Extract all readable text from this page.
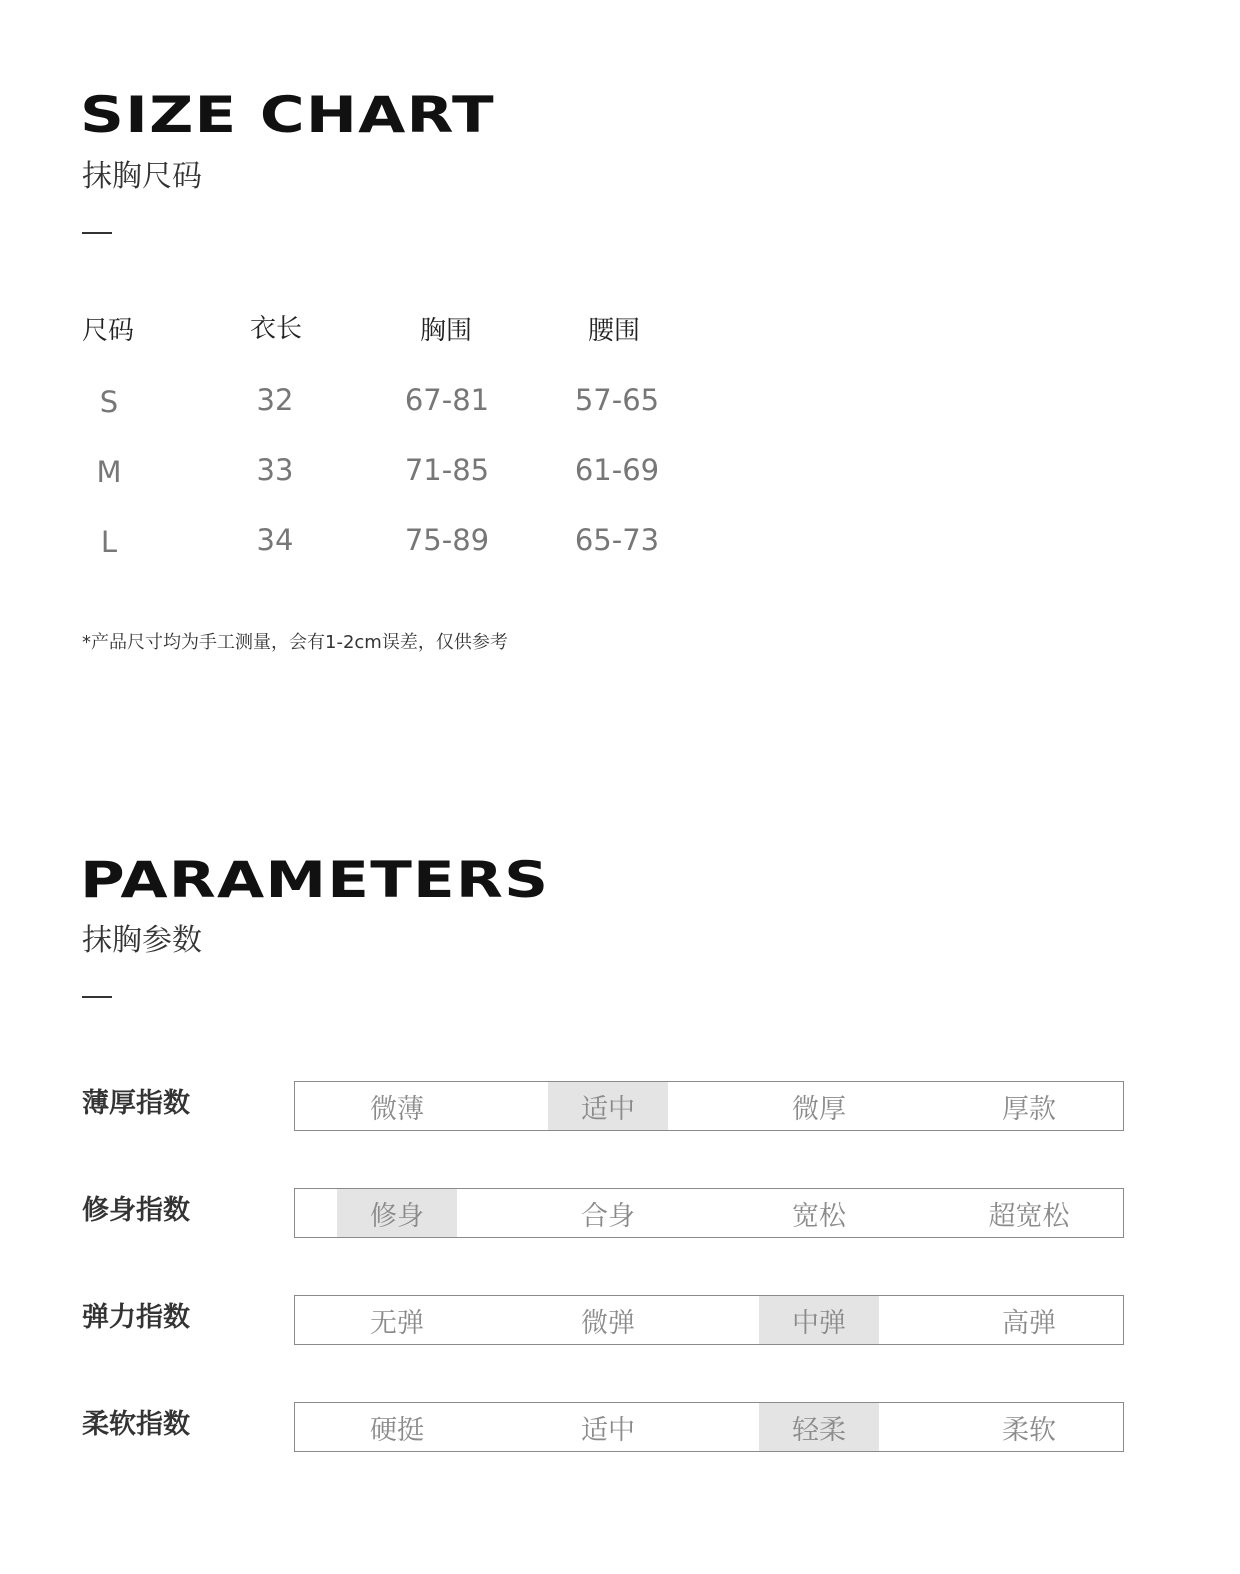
SIZE CHART
抹胸尺码
尺码	衣长	胸围	腰围
S	32	67-81	57-65
M	33	71-85	61-69
L	34	75-89	65-73
*产品尺寸均为手工测量，会有1-2cm误差，仅供参考
PARAMETERS
抹胸参数
薄厚指数	微薄	适中	微厚	厚款
修身指数	修身	合身	宽松	超宽松
弹力指数	无弹	微弹	中弹	高弹
柔软指数	硬挺	适中	轻柔	柔软
